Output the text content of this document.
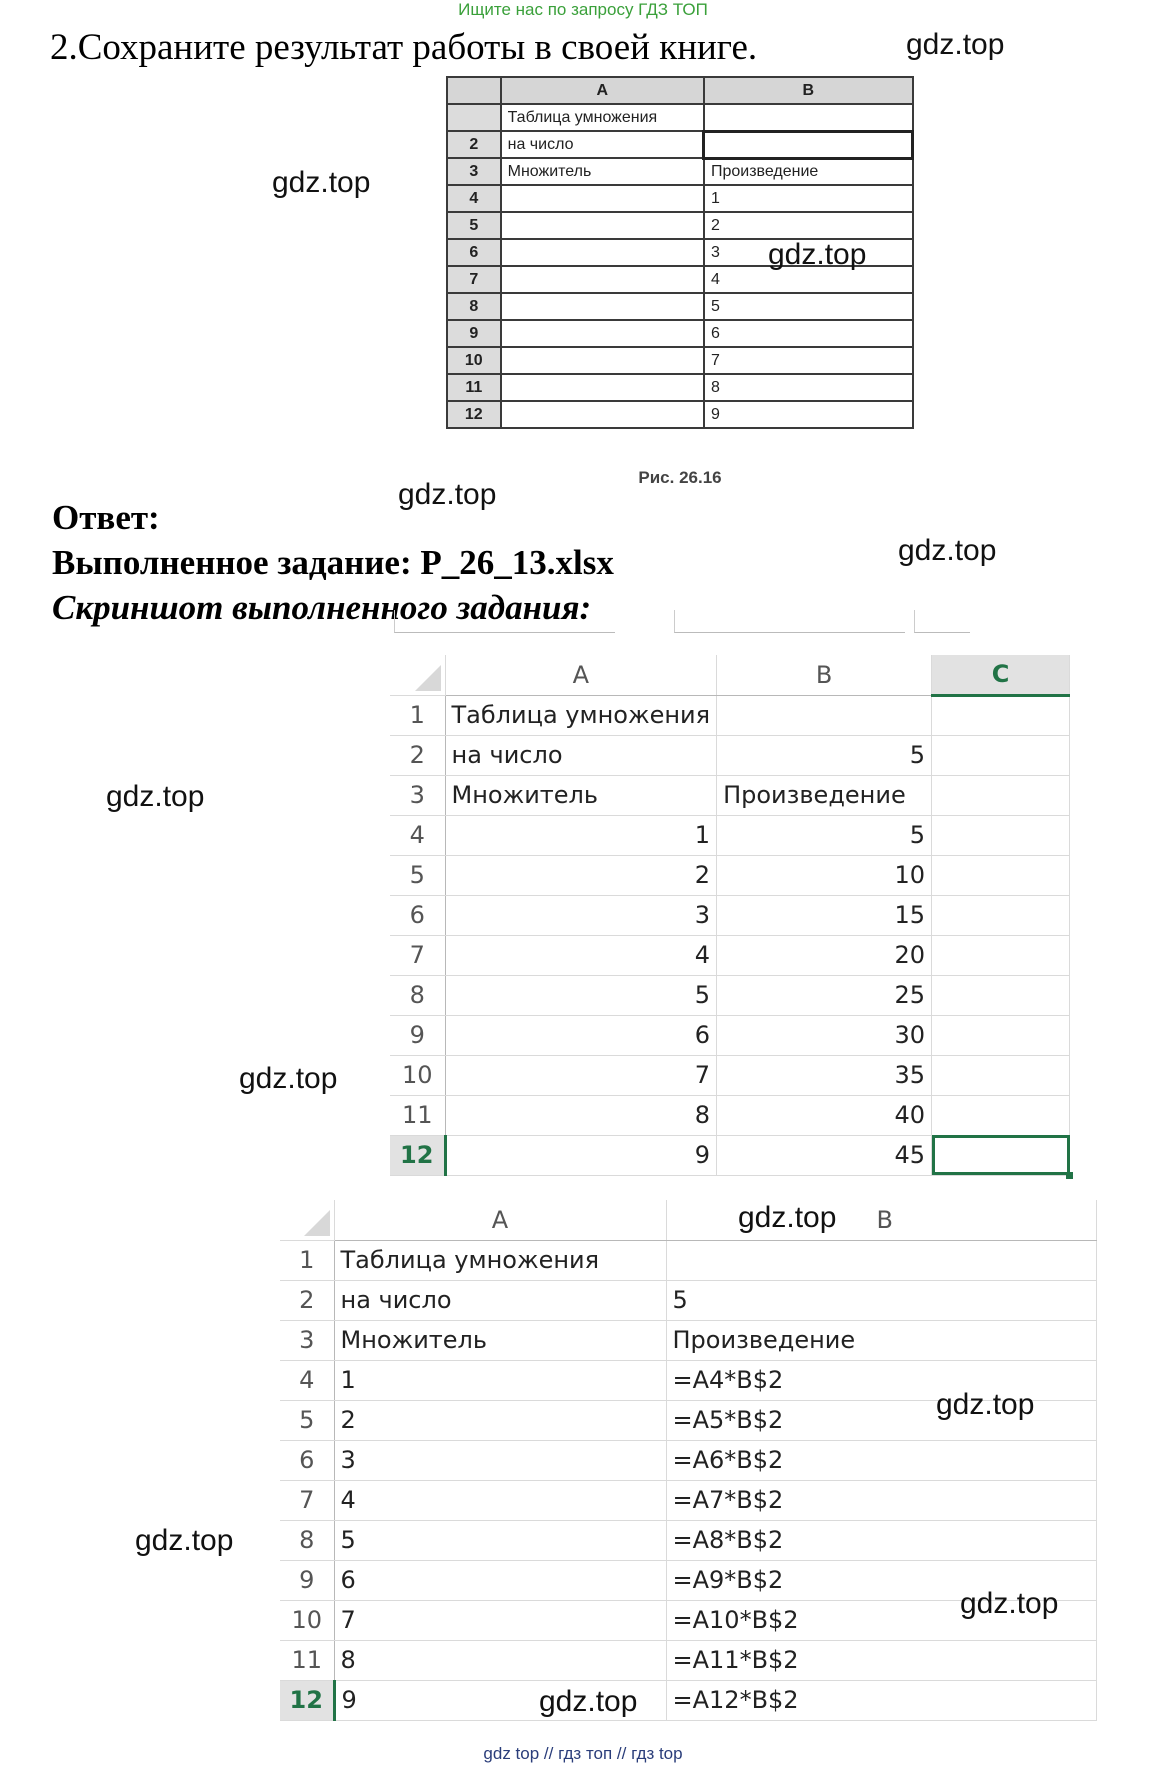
Ищите нас по запросу ГДЗ ТОП
2.Сохраните результат работы в своей книге.
	A	B
	Таблица умножения	
2	на число	
3	Множитель	Произведение
4		1
5		2
6		3
7		4
8		5
9		6
10		7
11		8
12		9
Рис. 26.16
Ответ:
Выполненное задание: Р_26_13.xlsx
Скриншот выполненного задания:
	A	B	C
1	Таблица умножения		
2	на число	5	
3	Множитель	Произведение	
4	1	5	
5	2	10	
6	3	15	
7	4	20	
8	5	25	
9	6	30	
10	7	35	
11	8	40	
12	9	45	
	A	B
1	Таблица умножения	
2	на число	5
3	Множитель	Произведение
4	1	=A4*B$2
5	2	=A5*B$2
6	3	=A6*B$2
7	4	=A7*B$2
8	5	=A8*B$2
9	6	=A9*B$2
10	7	=A10*B$2
11	8	=A11*B$2
12	9	=A12*B$2
gdz.top
gdz.top
gdz.top
gdz.top
gdz.top
gdz.top
gdz.top
gdz.top
gdz.top
gdz.top
gdz.top
gdz.top
gdz top // гдз топ // гдз top
